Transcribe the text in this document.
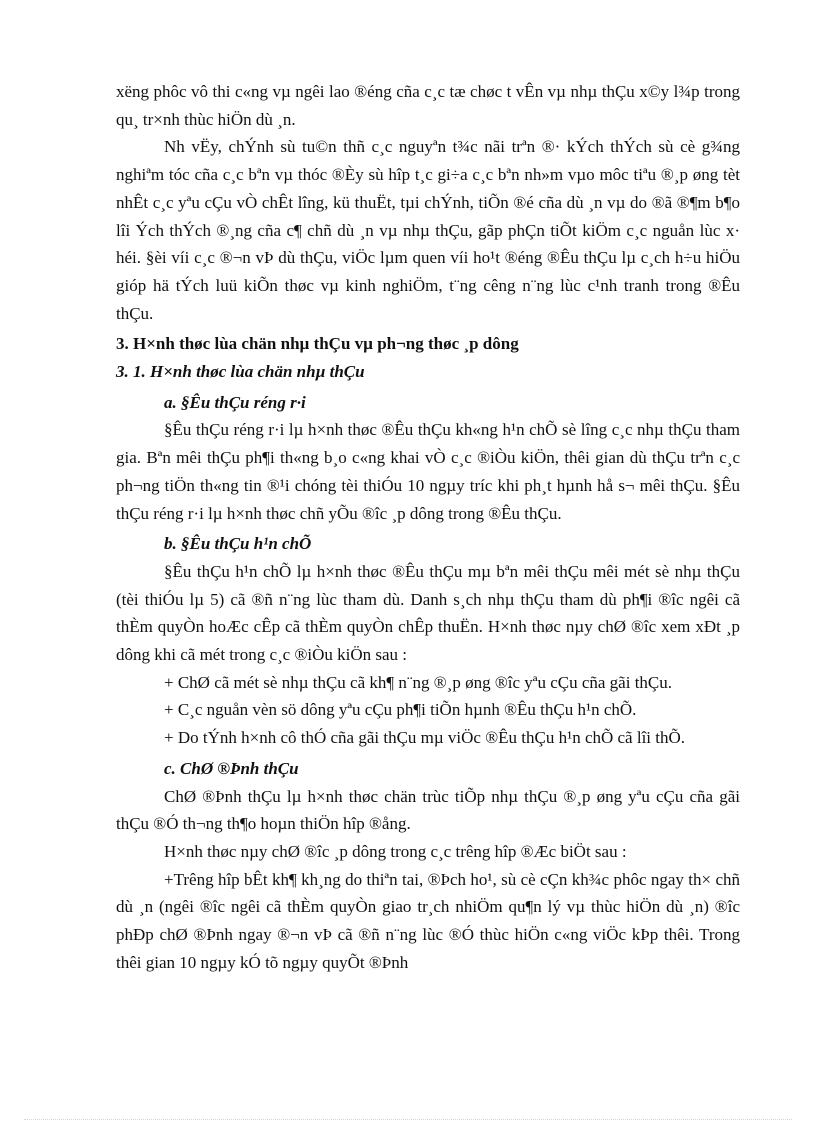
xëng phôc vô thi c«ng vµ ngêi lao ®éng cña c¸c tæ chøc t vÊn vµ nhµ thÇu x©y l¾p trong qu¸ tr×nh thùc hiÖn dù ¸n.

Nh vËy, chÝnh sù tu©n thñ c¸c nguyªn t¾c nãi trªn ®· kÝch thÝch sù cè g¾ng nghiªm tóc cña c¸c bªn vµ thóc ®Èy sù hîp t¸c gi÷a c¸c bªn nh»m vµo môc tiªu ®¸p øng tèt nhÊt c¸c yªu cÇu vÒ chÊt lîng, kü thuËt, tµi chÝnh, tiÕn ®é cña dù ¸n vµ do ®ã ®¶m b¶o lîi Ých thÝch ®¸ng cña c¶ chñ dù ¸n vµ nhµ thÇu, gãp phÇn tiÕt kiÖm c¸c nguån lùc x· héi. §èi víi c¸c ®¬n vÞ dù thÇu, viÖc lµm quen víi ho¹t ®éng ®Êu thÇu lµ c¸ch h÷u hiÖu gióp hä tÝch luü kiÕn thøc vµ kinh nghiÖm, t¨ng cêng n¨ng lùc c¹nh tranh trong ®Êu thÇu.

3. H×nh thøc lùa chän nhµ thÇu vµ ph¬ng thøc ¸p dông
3. 1. H×nh thøc lùa chän nhµ thÇu
a. §Êu thÇu réng r·i

§Êu thÇu réng r·i lµ h×nh thøc ®Êu thÇu kh«ng h¹n chÕ sè lîng c¸c nhµ thÇu tham gia. Bªn mêi thÇu ph¶i th«ng b¸o c«ng khai vÒ c¸c ®iÒu kiÖn, thêi gian dù thÇu trªn c¸c ph¬ng tiÖn th«ng tin ®¹i chóng tèi thiÓu 10 ngµy tríc khi ph¸t hµnh hå s¬ mêi thÇu. §Êu thÇu réng r·i lµ h×nh thøc chñ yÕu ®îc ¸p dông trong ®Êu thÇu.

b. §Êu thÇu h¹n chÕ

§Êu thÇu h¹n chÕ lµ h×nh thøc ®Êu thÇu mµ bªn mêi thÇu mêi mét sè nhµ thÇu (tèi thiÓu lµ 5) cã ®ñ n¨ng lùc tham dù. Danh s¸ch nhµ thÇu tham dù ph¶i ®îc ngêi cã thÈm quyÒn hoÆc cÊp cã thÈm quyÒn chÊp thuËn. H×nh thøc nµy chØ ®îc xem xÐt ¸p dông khi cã mét trong c¸c ®iÒu kiÖn sau :

+ ChØ cã mét sè nhµ thÇu cã kh¶ n¨ng ®¸p øng ®îc yªu cÇu cña gãi thÇu.

+ C¸c nguån vèn sö dông yªu cÇu ph¶i tiÕn hµnh ®Êu thÇu h¹n chÕ.

+ Do tÝnh h×nh cô thÓ cña gãi thÇu mµ viÖc ®Êu thÇu h¹n chÕ cã lîi thÕ.

c. ChØ ®Þnh thÇu

ChØ ®Þnh thÇu lµ h×nh thøc chän trùc tiÕp nhµ thÇu ®¸p øng yªu cÇu cña gãi thÇu ®Ó th¬ng th¶o hoµn thiÖn hîp ®ång.

H×nh thøc nµy chØ ®îc ¸p dông trong c¸c trêng hîp ®Æc biÖt sau :

+Trêng hîp bÊt kh¶ kh¸ng do thiªn tai, ®Þch ho¹, sù cè cÇn kh¾c phôc ngay th× chñ dù ¸n (ngêi ®îc ngêi cã thÈm quyÒn giao tr¸ch nhiÖm qu¶n lý vµ thùc hiÖn dù ¸n) ®îc phÐp chØ ®Þnh ngay ®¬n vÞ cã ®ñ n¨ng lùc ®Ó thùc hiÖn c«ng viÖc kÞp thêi. Trong thêi gian 10 ngµy kÓ tõ ngµy quyÕt ®Þnh
